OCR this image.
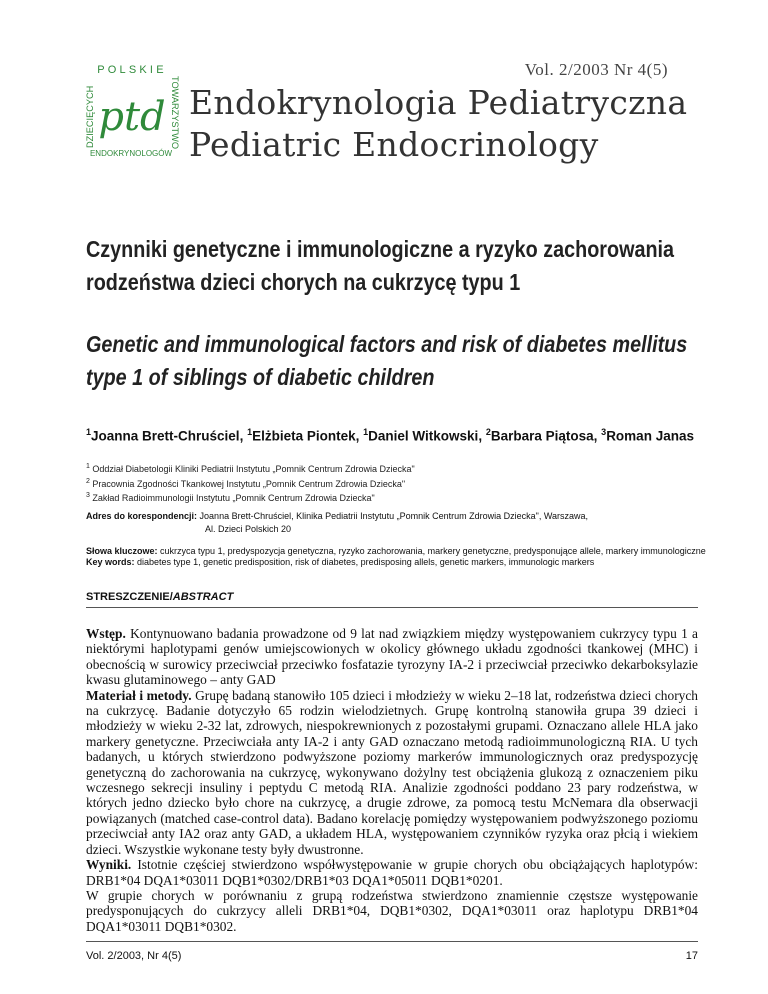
POLSKIE
DZIECIĘCYCH	TOWARZYSTWO
ENDOKRYNOLOGÓW
ptd
Vol. 2/2003 Nr 4(5)
Endokrynologia Pediatryczna
Pediatric Endocrinology
Czynniki genetyczne i immunologiczne a ryzyko zachorowania rodzeństwa dzieci chorych na cukrzycę typu 1
Genetic and immunological factors and risk of diabetes mellitus type 1 of siblings of diabetic children
$^1$Joanna Brett-Chruściel, $^1$Elżbieta Piontek, $^1$Daniel Witkowski, $^2$Barbara Piątosa, $^3$Roman Janas
$^1$ Oddział Diabetologii Kliniki Pediatrii Instytutu „Pomnik Centrum Zdrowia Dziecka"
$^2$ Pracownia Zgodności Tkankowej Instytutu „Pomnik Centrum Zdrowia Dziecka"
$^3$ Zakład Radioimmunologii Instytutu „Pomnik Centrum Zdrowia Dziecka"
Adres do korespondencji: Joanna Brett-Chruściel, Klinika Pediatrii Instytutu „Pomnik Centrum Zdrowia Dziecka", Warszawa,
Al. Dzieci Polskich 20
Słowa kluczowe: cukrzyca typu 1, predyspozycja genetyczna, ryzyko zachorowania, markery genetyczne, predysponujące allele, markery immunologiczne
Key words: diabetes type 1, genetic predisposition, risk of diabetes, predisposing allels, genetic markers, immunologic markers
STRESZCZENIE/ABSTRACT

Wstęp. Kontynuowano badania prowadzone od 9 lat nad związkiem między występowaniem cukrzycy typu 1 a niektórymi haplotypami genów umiejscowionych w okolicy głównego układu zgodności tkankowej (MHC) i obecnością w surowicy przeciwciał przeciwko fosfatazie tyrozyny IA-2 i przeciwciał przeciwko dekarboksylazie kwasu glutaminowego – anty GAD

Materiał i metody. Grupę badaną stanowiło 105 dzieci i młodzieży w wieku 2–18 lat, rodzeństwa dzieci chorych na cukrzycę. Badanie dotyczyło 65 rodzin wielodzietnych. Grupę kontrolną stanowiła grupa 39 dzieci i młodzieży w wieku 2-32 lat, zdrowych, niespokrewnionych z pozostałymi grupami. Oznaczano allele HLA jako markery genetyczne. Przeciwciała anty IA-2 i anty GAD oznaczano metodą radioimmunologiczną RIA. U tych badanych, u których stwierdzono podwyższone poziomy markerów immunologicznych oraz predyspozycję genetyczną do zachorowania na cukrzycę, wykonywano dożylny test obciążenia glukozą z oznaczeniem piku wczesnego sekrecji insuliny i peptydu C metodą RIA. Analizie zgodności poddano 23 pary rodzeństwa, w których jedno dziecko było chore na cukrzycę, a drugie zdrowe, za pomocą testu McNemara dla obserwacji powiązanych (matched case-control data). Badano korelację pomiędzy występowaniem podwyższonego poziomu przeciwciał anty IA2 oraz anty GAD, a układem HLA, występowaniem czynników ryzyka oraz płcią i wiekiem dzieci. Wszystkie wykonane testy były dwustronne.

Wyniki. Istotnie częściej stwierdzono współwystępowanie w grupie chorych obu obciążających haplotypów: DRB1*04 DQA1*03011 DQB1*0302/DRB1*03 DQA1*05011 DQB1*0201.

W grupie chorych w porównaniu z grupą rodzeństwa stwierdzono znamiennie częstsze występowanie predysponujących do cukrzycy alleli DRB1*04, DQB1*0302, DQA1*03011 oraz haplotypu DRB1*04 DQA1*03011 DQB1*0302.

Vol. 2/2003, Nr 4(5)	17
